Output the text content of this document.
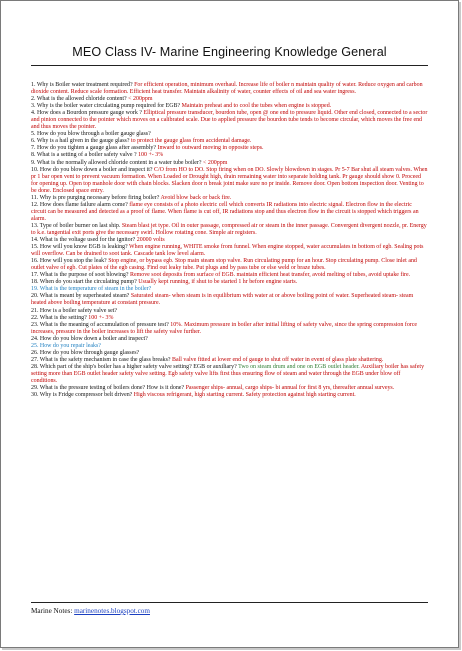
MEO Class IV- Marine Engineering Knowledge General

1. Why is Boiler water treatment required? For efficient operation, minimum overhaul. Increase life of boiler n maintain quality of water. Reduce oxygen and carbon dioxide content. Reduce scale formation. Efficient heat transfer. Maintain alkalinity of water, counter effects of oil and sea water ingress.

2. What is the allowed chloride content? < 200ppm

3. Why is the boiler water circulating pump required for EGB? Maintain preheat and to cool the tubes when engine is stopped.

4. How does a Bourdon pressure gauge work ? Elliptical pressure transducer, bourdon tube, open @ one end to pressure liquid. Other end closed, connected to a sector and pinion connected to the pointer which moves on a calibrated scale. Due to applied pressure the bourdon tube tends to become circular, which moves the free end and thus moves the pointer.

5. How do you blow through a boiler gauge glass?

6. Why is a hail given in the gauge glass? to protect the gauge glass from accidental damage.

7. How do you tighten a gauge glass after assembly? Inward to outward moving in opposite steps.

8. What is a setting of a boiler safety valve ? 100 +- 3%

9. What is the normally allowed chloride content in a water tube boiler? < 200ppm

10. How do you blow down a boiler and inspect it? C/O from HO to DO. Stop firing when on DO. Slowly blowdown in stages. Pr 5-7 Bar shut all steam valves. When pr 1 bar open vent to prevent vacuum formation. When Loaded or Drought high, drain remaining water into separate holding tank. Pr gauge should show 0. Proceed for opening up. Open top manhole door with chain blocks. Slacken door n break joint make sure no pr inside. Remove door. Open bottom inspection door. Venting to be done. Enclosed space entry.

11. Why is pre purging necessary before firing boiler? Avoid blow back or back fire.

12. How does flame failure alarm come? flame eye consists of a photo electric cell which converts IR radiations into electric signal. Electron flow in the electric circuit can be measured and detected as a proof of flame. When flame is cut off, IR radiations stop and thus electron flow in the circuit is stopped which triggers an alarm.

13. Type of boiler burner on last ship. Steam blast jet type. Oil in outer passage, compressed air or steam in the inner passage. Convergent divergent nozzle, pr. Energy to k.e. tangential exit ports give the necessary swirl. Hollow rotating cone. Simple air registers.

14. What is the voltage used for the ignitor? 20000 volts

15. How will you know EGB is leaking? When engine running, WHITE smoke from funnel. When engine stopped, water accumulates in bottom of egb. Sealing pots will overflow. Can be drained to soot tank. Cascade tank low level alarm.

16. How will you stop the leak? Stop engine, or bypass egb. Stop main steam stop valve. Run circulating pump for an hour. Stop circulating pump. Close inlet and outlet valve of egb. Cut plates of the egb casing. Find out leaky tube. Put plugs and by pass tube or else weld or braze tubes.

17. What is the purpose of soot blowing? Remove soot deposits from surface of EGB. maintain efficient heat transfer, avoid melting of tubes, avoid uptake fire.

18. When do you start the circulating pump? Usually kept running, if shut to be started 1 hr before engine starts.

19. What is the temperature of steam in the boiler?

20. What is meant by superheated steam? Saturated steam- when steam is in equilibrium with water at or above boiling point of water. Superheated steam- steam heated above boiling temperature at constant pressure.

21. How is a boiler safety valve set?

22. What is the setting? 100 +- 3%

23. What is the meaning of accumulation of pressure test? 10%. Maximum pressure in boiler after initial lifting of safety valve, since the spring compression force increases, pressure in the boiler increases to lift the safety valve further.

24. How do you blow down a boiler and inspect?

25. How do you repair leaks?

26. How do you blow through gauge glasses?

27. What is the safety mechanism in case the glass breaks? Ball valve fitted at lower end of gauge to shut off water in event of glass plate shattering.

28. Which part of the ship's boiler has a higher safety valve setting? EGB or auxiliary? Two on steam drum and one on EGB outlet header. Auxiliary boiler has safety setting more than EGB outlet header safety valve setting. Egb safety valve lifts first thus ensuring flow of steam and water through the EGB under blow off conditions.

29. What is the pressure testing of boilers done? How is it done? Passenger ships- annual, cargo ships- bi annual for first 8 yrs, thereafter annual surveys.

30. Why is Fridge compressor belt driven? High viscous refrigerant, high starting current. Safety protection against high starting current.

Marine Notes: marinenotes.blogspot.com
